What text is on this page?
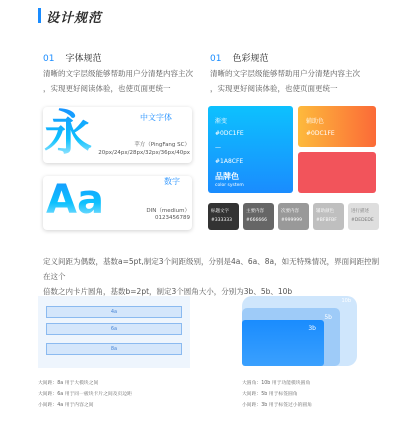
设计规范
01 字体规范
清晰的文字层级能够帮助用户分清楚内容主次
，实现更好阅读体验，也使页面更统一
永	中文字体
苹方（PingFang SC）
20px/24px/28px/32px/36px/40px
Aa	数字
DIN（medium）
0123456789
01 色彩规范
清晰的文字层级能够帮助用户分清楚内容主次
，实现更好阅读体验，也使页面更统一
渐变
#0DC1FE
—
#1A8CFE
品牌色
color system
辅助色
#0DC1FE
标题文字
#333333
主要内容
#666666
次要内容
#999999
辅助颜色
#BFBFBF
进行描述
#DEDEDE
定义间距为偶数，基数a=5pt,制定3个间距级别，分别是4a、6a、8a，如无特殊情况，界面间距控制在这个
倍数之内卡片圆角，基数b=2pt，制定3个圆角大小，分别为3b、5b、10b
4a
6a
8a
大间距：8a 用于大模块之间
大间距：6a 用于同一板块卡片之间及页边距
小间距：4a 用于内容之间
10b
5b
3b
大圆角：10b 用于功能模块圆角
大间距：5b 用于标签圆角
小间距：3b 用于标签过小的圆角
